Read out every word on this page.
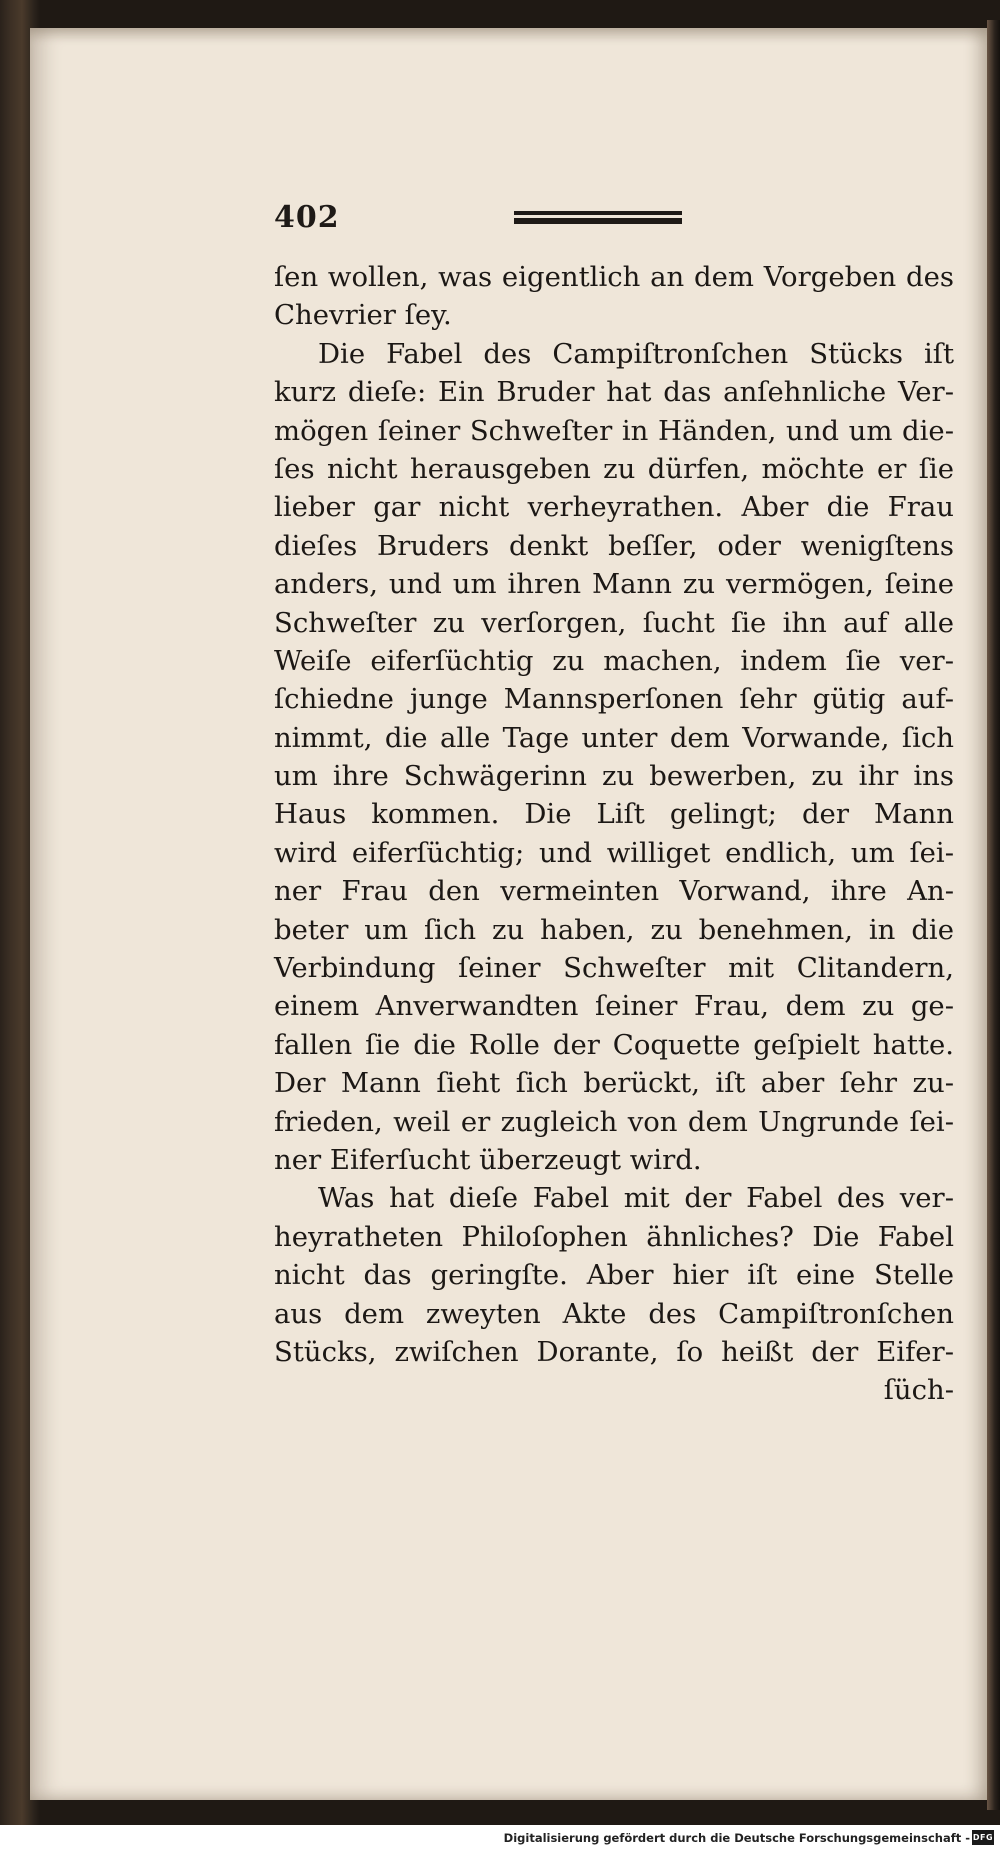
402
ſen wollen, was eigentlich an dem Vorgeben des
Chevrier ſey.
Die Fabel des Campiſtronſchen Stücks iſt
kurz dieſe: Ein Bruder hat das anſehnliche Ver-
mögen ſeiner Schweſter in Händen, und um die-
ſes nicht herausgeben zu dürfen, möchte er ſie
lieber gar nicht verheyrathen. Aber die Frau
dieſes Bruders denkt beſſer, oder wenigſtens
anders, und um ihren Mann zu vermögen, ſeine
Schweſter zu verſorgen, ſucht ſie ihn auf alle
Weiſe eiferſüchtig zu machen, indem ſie ver-
ſchiedne junge Mannsperſonen ſehr gütig auf-
nimmt, die alle Tage unter dem Vorwande, ſich
um ihre Schwägerinn zu bewerben, zu ihr ins
Haus kommen. Die Liſt gelingt; der Mann
wird eiferſüchtig; und williget endlich, um ſei-
ner Frau den vermeinten Vorwand, ihre An-
beter um ſich zu haben, zu benehmen, in die
Verbindung ſeiner Schweſter mit Clitandern,
einem Anverwandten ſeiner Frau, dem zu ge-
fallen ſie die Rolle der Coquette geſpielt hatte.
Der Mann ſieht ſich berückt, iſt aber ſehr zu-
frieden, weil er zugleich von dem Ungrunde ſei-
ner Eiferſucht überzeugt wird.
Was hat dieſe Fabel mit der Fabel des ver-
heyratheten Philoſophen ähnliches? Die Fabel
nicht das geringſte. Aber hier iſt eine Stelle
aus dem zweyten Akte des Campiſtronſchen
Stücks, zwiſchen Dorante, ſo heißt der Eifer-
ſüch-
Digitalisierung gefördert durch die Deutsche Forschungsgemeinschaft - DFG
